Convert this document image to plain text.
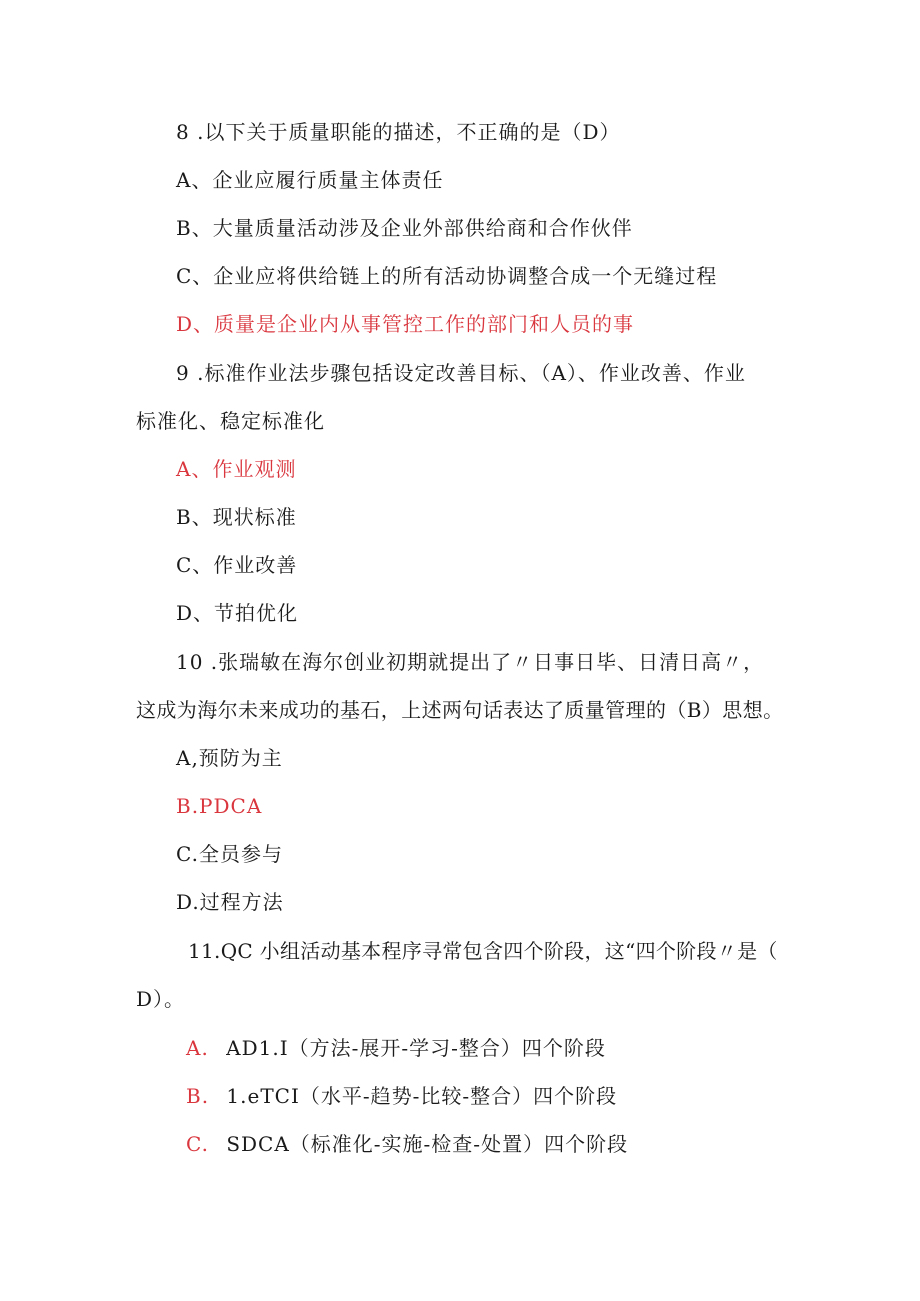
8 .以下关于质量职能的描述，不正确的是（D）
A、企业应履行质量主体责任
B、大量质量活动涉及企业外部供给商和合作伙伴
C、企业应将供给链上的所有活动协调整合成一个无缝过程
D、质量是企业内从事管控工作的部门和人员的事
9 .标准作业法步骤包括设定改善目标、（A）、作业改善、作业
标准化、稳定标准化
A、作业观测
B、现状标准
C、作业改善
D、节拍优化
10 .张瑞敏在海尔创业初期就提出了〃日事日毕、日清日高〃，
这成为海尔未来成功的基石，上述两句话表达了质量管理的（B）思想。
A,预防为主
B.PDCA
C.全员参与
D.过程方法
11.QC 小组活动基本程序寻常包含四个阶段，这“四个阶段〃是（
D）。
A. AD1.I（方法-展开-学习-整合）四个阶段
B. 1.eTCI（水平-趋势-比较-整合）四个阶段
C. SDCA（标准化-实施-检查-处置）四个阶段
